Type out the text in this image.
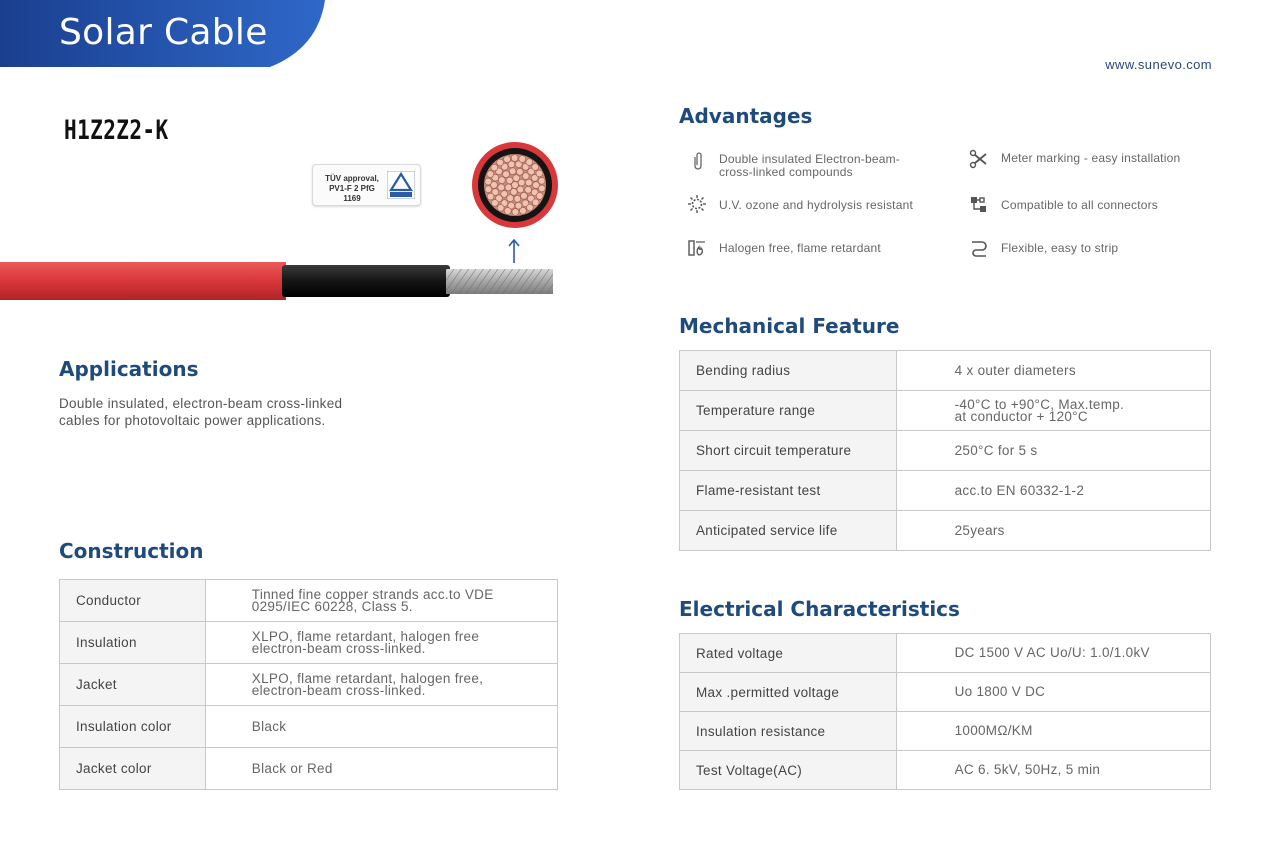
Solar Cable
www.sunevo.com
H1Z2Z2-K
TÜV approval,
PV1-F 2 PfG 1169
Applications
Double insulated, electron-beam cross-linked
cables for photovoltaic power applications.
Construction
Conductor	Tinned fine copper strands acc.to VDE
0295/IEC 60228, Class 5.

Insulation	XLPO, flame retardant, halogen free
electron-beam cross-linked.

Jacket	XLPO, flame retardant, halogen free,
electron-beam cross-linked.

Insulation color	Black

Jacket color	Black or Red
Advantages
Double insulated Electron-beam-
cross-linked compounds
Meter marking - easy installation
U.V. ozone and hydrolysis resistant	Compatible to all connectors
Halogen free, flame retardant	Flexible, easy to strip
Mechanical Feature
Bending radius	4 x outer diameters

Temperature range	-40°C to +90°C, Max.temp.
at conductor + 120°C

Short circuit temperature	250°C for 5 s

Flame-resistant test	acc.to EN 60332-1-2

Anticipated service life	25years
Electrical Characteristics
Rated voltage	DC 1500 V AC Uo/U: 1.0/1.0kV

Max .permitted voltage	Uo 1800 V DC

Insulation resistance	1000MΩ/KM

Test Voltage(AC)	AC 6. 5kV, 50Hz, 5 min
